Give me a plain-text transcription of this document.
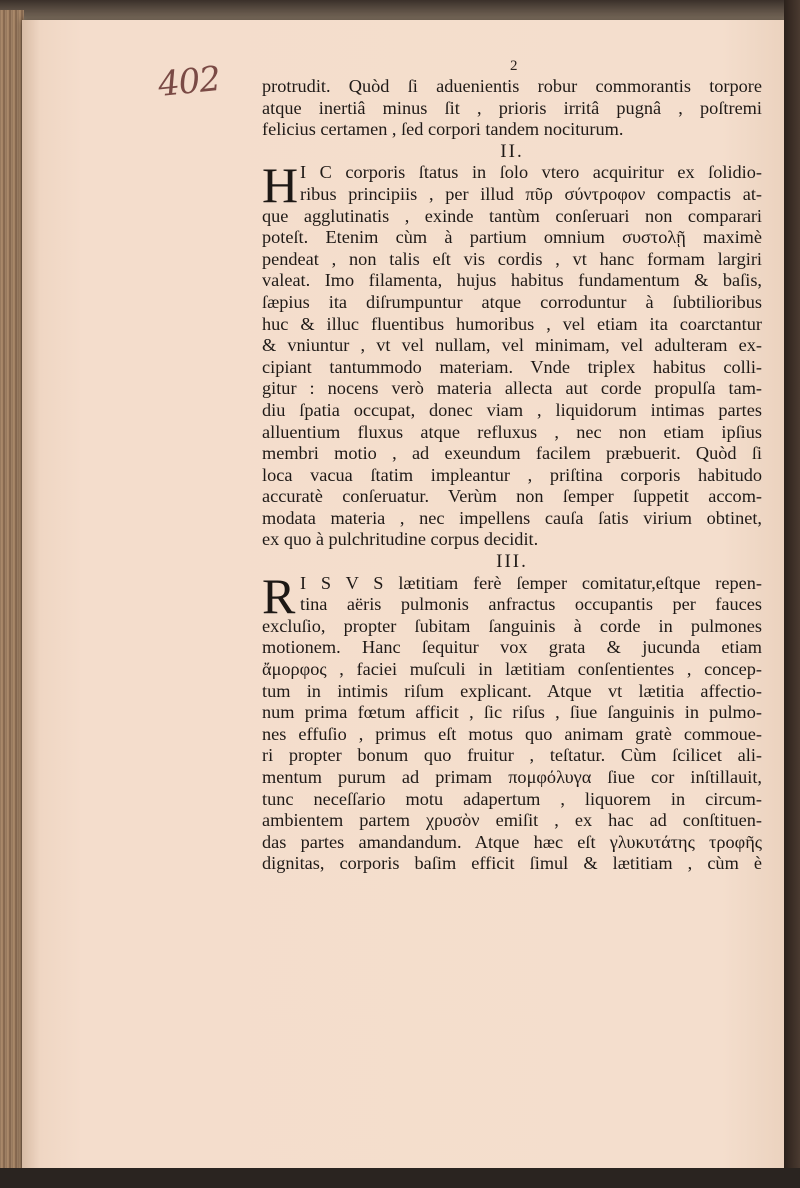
402	2
protrudit. Quòd ſi aduenientis robur commorantis torpore
atque inertiâ minus ſit , prioris irritâ pugnâ , poſtremi
felicius certamen , ſed corpori tandem nociturum.
II.
H I C corporis ſtatus in ſolo vtero acquiritur ex ſolidio-
ribus principiis , per illud πῦρ σύντροφον compactis at-
que agglutinatis , exinde tantùm conſeruari non comparari
poteſt. Etenim cùm à partium omnium συστολῇ maximè
pendeat , non talis eſt vis cordis , vt hanc formam largiri
valeat. Imo filamenta, hujus habitus fundamentum & baſis,
ſæpius ita diſrumpuntur atque corroduntur à ſubtilioribus
huc & illuc fluentibus humoribus , vel etiam ita coarctantur
& vniuntur , vt vel nullam, vel minimam, vel adulteram ex-
cipiant tantummodo materiam. Vnde triplex habitus colli-
gitur : nocens verò materia allecta aut corde propulſa tam-
diu ſpatia occupat, donec viam , liquidorum intimas partes
alluentium fluxus atque refluxus , nec non etiam ipſius
membri motio , ad exeundum facilem præbuerit. Quòd ſi
loca vacua ſtatim impleantur , priſtina corporis habitudo
accuratè conſeruatur. Verùm non ſemper ſuppetit accom-
modata materia , nec impellens cauſa ſatis virium obtinet,
ex quo à pulchritudine corpus decidit.
III.
R I S V S lætitiam ferè ſemper comitatur,eſtque repen-
tina aëris pulmonis anfractus occupantis per fauces
excluſio, propter ſubitam ſanguinis à corde in pulmones
motionem. Hanc ſequitur vox grata & jucunda etiam
ἄμορφος , faciei muſculi in lætitiam conſentientes , concep-
tum in intimis riſum explicant. Atque vt lætitia affectio-
num prima fœtum afficit , ſic riſus , ſiue ſanguinis in pulmo-
nes effuſio , primus eſt motus quo animam gratè commoue-
ri propter bonum quo fruitur , teſtatur. Cùm ſcilicet ali-
mentum purum ad primam πομφόλυγα ſiue cor inſtillauit,
tunc neceſſario motu adapertum , liquorem in circum-
ambientem partem χρυσὸν emiſit , ex hac ad conſtituen-
das partes amandandum. Atque hæc eſt γλυκυτάτης τροφῆς
dignitas, corporis baſim efficit ſimul & lætitiam , cùm è
